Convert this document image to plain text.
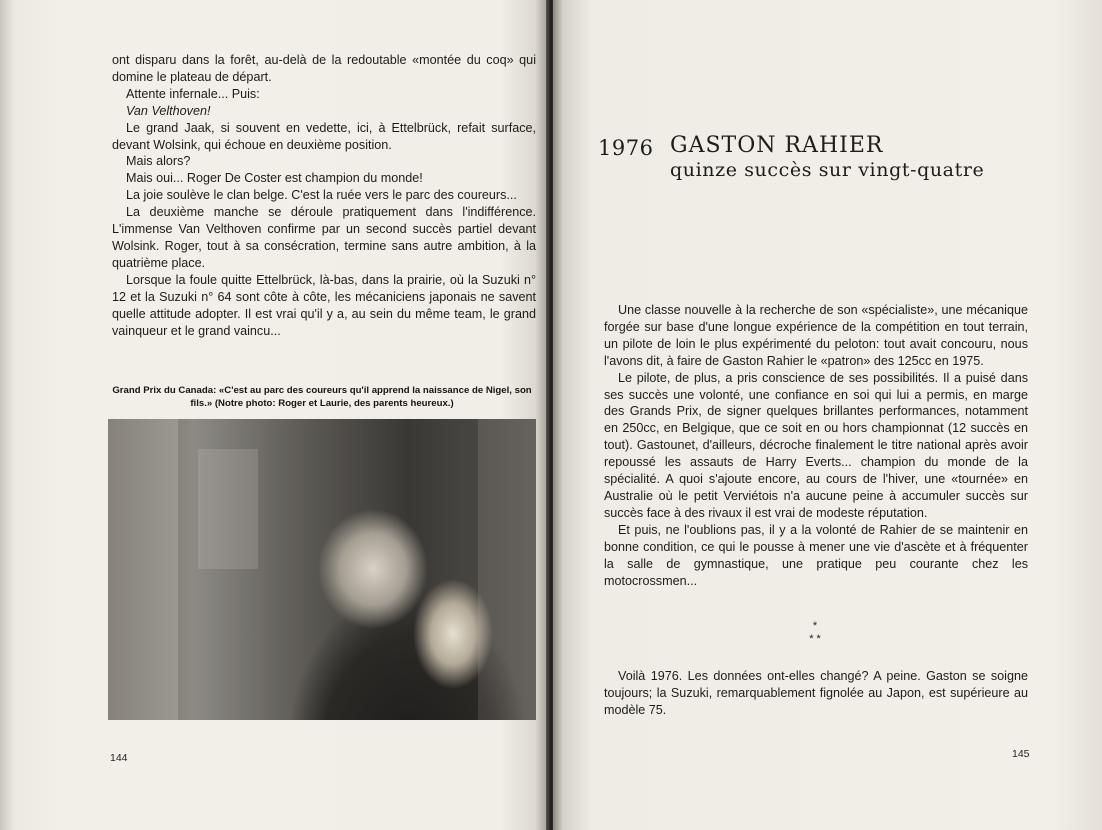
ont disparu dans la forêt, au-delà de la redoutable «montée du coq» qui domine le plateau de départ.

Attente infernale... Puis:

Van Velthoven!

Le grand Jaak, si souvent en vedette, ici, à Ettelbrück, refait surface, devant Wolsink, qui échoue en deuxième position.

Mais alors?

Mais oui... Roger De Coster est champion du monde!

La joie soulève le clan belge. C'est la ruée vers le parc des coureurs...

La deuxième manche se déroule pratiquement dans l'indifférence. L'immense Van Velthoven confirme par un second succès partiel devant Wolsink. Roger, tout à sa consécration, termine sans autre ambition, à la quatrième place.

Lorsque la foule quitte Ettelbrück, là-bas, dans la prairie, où la Suzuki n° 12 et la Suzuki n° 64 sont côte à côte, les mécaniciens japonais ne savent quelle attitude adopter. Il est vrai qu'il y a, au sein du même team, le grand vainqueur et le grand vaincu...

Grand Prix du Canada: «C'est au parc des coureurs qu'il apprend la naissance de Nigel, son fils.» (Notre photo: Roger et Laurie, des parents heureux.)
144
1976 GASTON RAHIER
quinze succès sur vingt-quatre

Une classe nouvelle à la recherche de son «spécialiste», une mécanique forgée sur base d'une longue expérience de la compétition en tout terrain, un pilote de loin le plus expérimenté du peloton: tout avait concouru, nous l'avons dit, à faire de Gaston Rahier le «patron» des 125cc en 1975.

Le pilote, de plus, a pris conscience de ses possibilités. Il a puisé dans ses succès une volonté, une confiance en soi qui lui a permis, en marge des Grands Prix, de signer quelques brillantes performances, notamment en 250cc, en Belgique, que ce soit en ou hors championnat (12 succès en tout). Gastounet, d'ailleurs, décroche finalement le titre national après avoir repoussé les assauts de Harry Everts... champion du monde de la spécialité. A quoi s'ajoute encore, au cours de l'hiver, une «tournée» en Australie où le petit Verviétois n'a aucune peine à accumuler succès sur succès face à des rivaux il est vrai de modeste réputation.

Et puis, ne l'oublions pas, il y a la volonté de Rahier de se maintenir en bonne condition, ce qui le pousse à mener une vie d'ascète et à fréquenter la salle de gymnastique, une pratique peu courante chez les motocrossmen...

*
* *

Voilà 1976. Les données ont-elles changé? A peine. Gaston se soigne toujours; la Suzuki, remarquablement fignolée au Japon, est supérieure au modèle 75.

145
